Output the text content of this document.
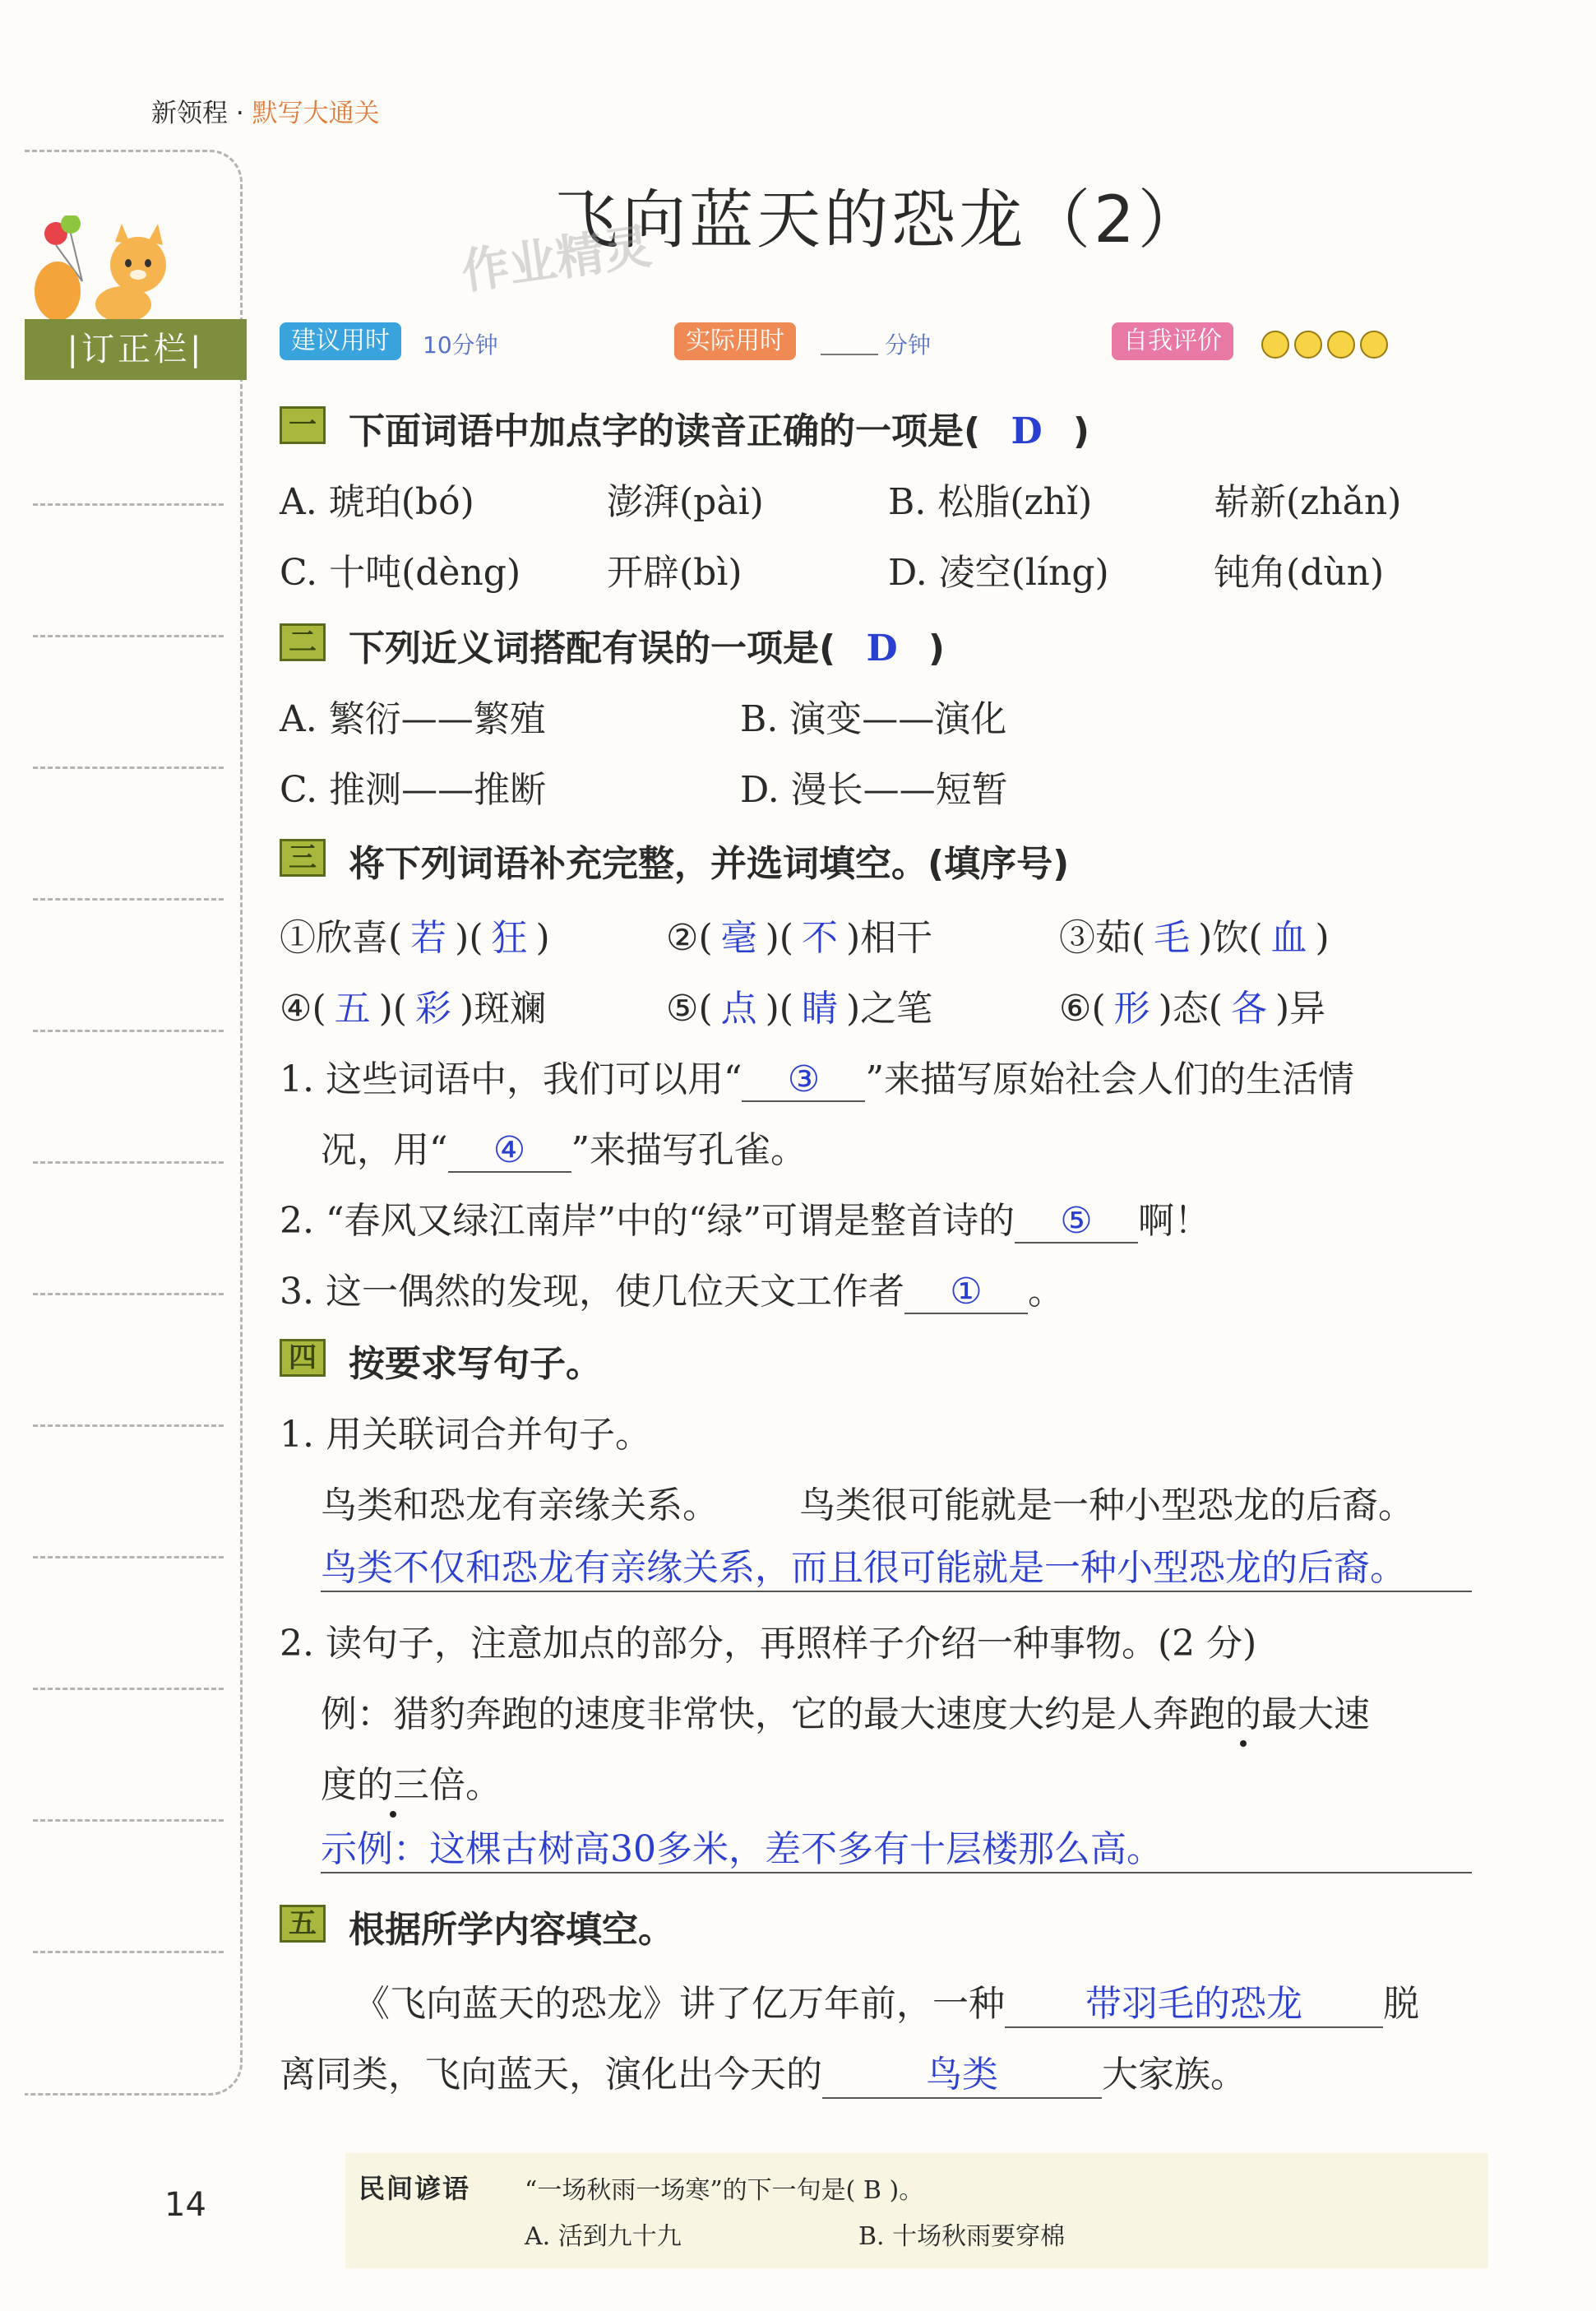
新领程 · 默写大通关
飞向蓝天的恐龙（2）
作业精灵
|订正栏|	建议用时	10分钟	实际用时	分钟	自我评价
一 下面词语中加点字的读音正确的一项是( D )
A. 琥珀(bó)	澎湃(pài)	B. 松脂(zhǐ)	崭新(zhǎn)
C. 十吨(dèng) 开辟(bì)	D. 凌空(líng)	钝角(dùn)
二 下列近义词搭配有误的一项是( D )
A. 繁衍——繁殖	B. 演变——演化
C. 推测——推断	D. 漫长——短暂
三 将下列词语补充完整，并选词填空。(填序号)
①欣喜( 若 )( 狂 )	②( 毫 )( 不 )相干	③茹( 毛 )饮( 血 )
④( 五 )( 彩 )斑斓	⑤( 点 )( 睛 )之笔	⑥( 形 )态( 各 )异
1. 这些词语中，我们可以用“ ③ ”来描写原始社会人们的生活情
况，用“ ④ ”来描写孔雀。
2. “春风又绿江南岸”中的“绿”可谓是整首诗的 ⑤ 啊！
3. 这一偶然的发现，使几位天文工作者 ① 。
四 按要求写句子。
1. 用关联词合并句子。
鸟类和恐龙有亲缘关系。 鸟类很可能就是一种小型恐龙的后裔。
鸟类不仅和恐龙有亲缘关系，而且很可能就是一种小型恐龙的后裔。
2. 读句子，注意加点的部分，再照样子介绍一种事物。(2 分)
例：猎豹奔跑的速度非常快，它的最大速度大约是人奔跑的最大速
度的三倍。
示例：这棵古树高30多米，差不多有十层楼那么高。
五 根据所学内容填空。
《飞向蓝天的恐龙》讲了亿万年前，一种 带羽毛的恐龙 脱
离同类，飞向蓝天，演化出今天的	鸟类	大家族。
14	民间谚语 “一场秋雨一场寒”的下一句是( B )。
A. 活到九十九	B. 十场秋雨要穿棉
